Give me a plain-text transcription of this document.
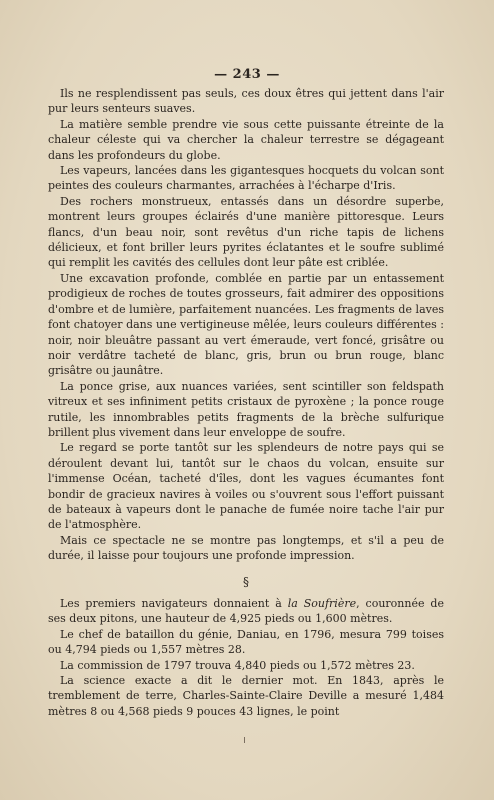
— 243 —

Ils ne resplendissent pas seuls, ces doux êtres qui jettent dans l'air pur leurs senteurs suaves.

La matière semble prendre vie sous cette puissante étreinte de la chaleur céleste qui va chercher la chaleur terrestre se dégageant dans les profondeurs du globe.

Les vapeurs, lancées dans les gigantesques hocquets du volcan sont peintes des couleurs charmantes, arrachées à l'écharpe d'Iris.

Des rochers monstrueux, entassés dans un désordre superbe, montrent leurs groupes éclairés d'une manière pittoresque. Leurs flancs, d'un beau noir, sont revêtus d'un riche tapis de lichens délicieux, et font briller leurs pyrites éclatantes et le soufre sublimé qui remplit les cavités des cellules dont leur pâte est criblée.

Une excavation profonde, comblée en partie par un entassement prodigieux de roches de toutes grosseurs, fait admirer des oppositions d'ombre et de lumière, parfaitement nuancées. Les fragments de laves font chatoyer dans une vertigineuse mêlée, leurs couleurs différentes : noir, noir bleuâtre passant au vert émeraude, vert foncé, grisâtre ou noir verdâtre tacheté de blanc, gris, brun ou brun rouge, blanc grisâtre ou jaunâtre.

La ponce grise, aux nuances variées, sent scintiller son feldspath vitreux et ses infiniment petits cristaux de pyroxène ; la ponce rouge rutile, les innombrables petits fragments de la brèche sulfurique brillent plus vivement dans leur enveloppe de soufre.

Le regard se porte tantôt sur les splendeurs de notre pays qui se déroulent devant lui, tantôt sur le chaos du volcan, ensuite sur l'immense Océan, tacheté d'îles, dont les vagues écumantes font bondir de gracieux navires à voiles ou s'ouvrent sous l'effort puissant de bateaux à vapeurs dont le panache de fumée noire tache l'air pur de l'atmosphère.

Mais ce spectacle ne se montre pas longtemps, et s'il a peu de durée, il laisse pour toujours une profonde impression.

§

Les premiers navigateurs donnaient à la Soufrière, couronnée de ses deux pitons, une hauteur de 4,925 pieds ou 1,600 mètres.

Le chef de bataillon du génie, Daniau, en 1796, mesura 799 toises ou 4,794 pieds ou 1,557 mètres 28.

La commission de 1797 trouva 4,840 pieds ou 1,572 mètres 23.

La science exacte a dit le dernier mot. En 1843, après le tremblement de terre, Charles-Sainte-Claire Deville a mesuré 1,484 mètres 8 ou 4,568 pieds 9 pouces 43 lignes, le point
